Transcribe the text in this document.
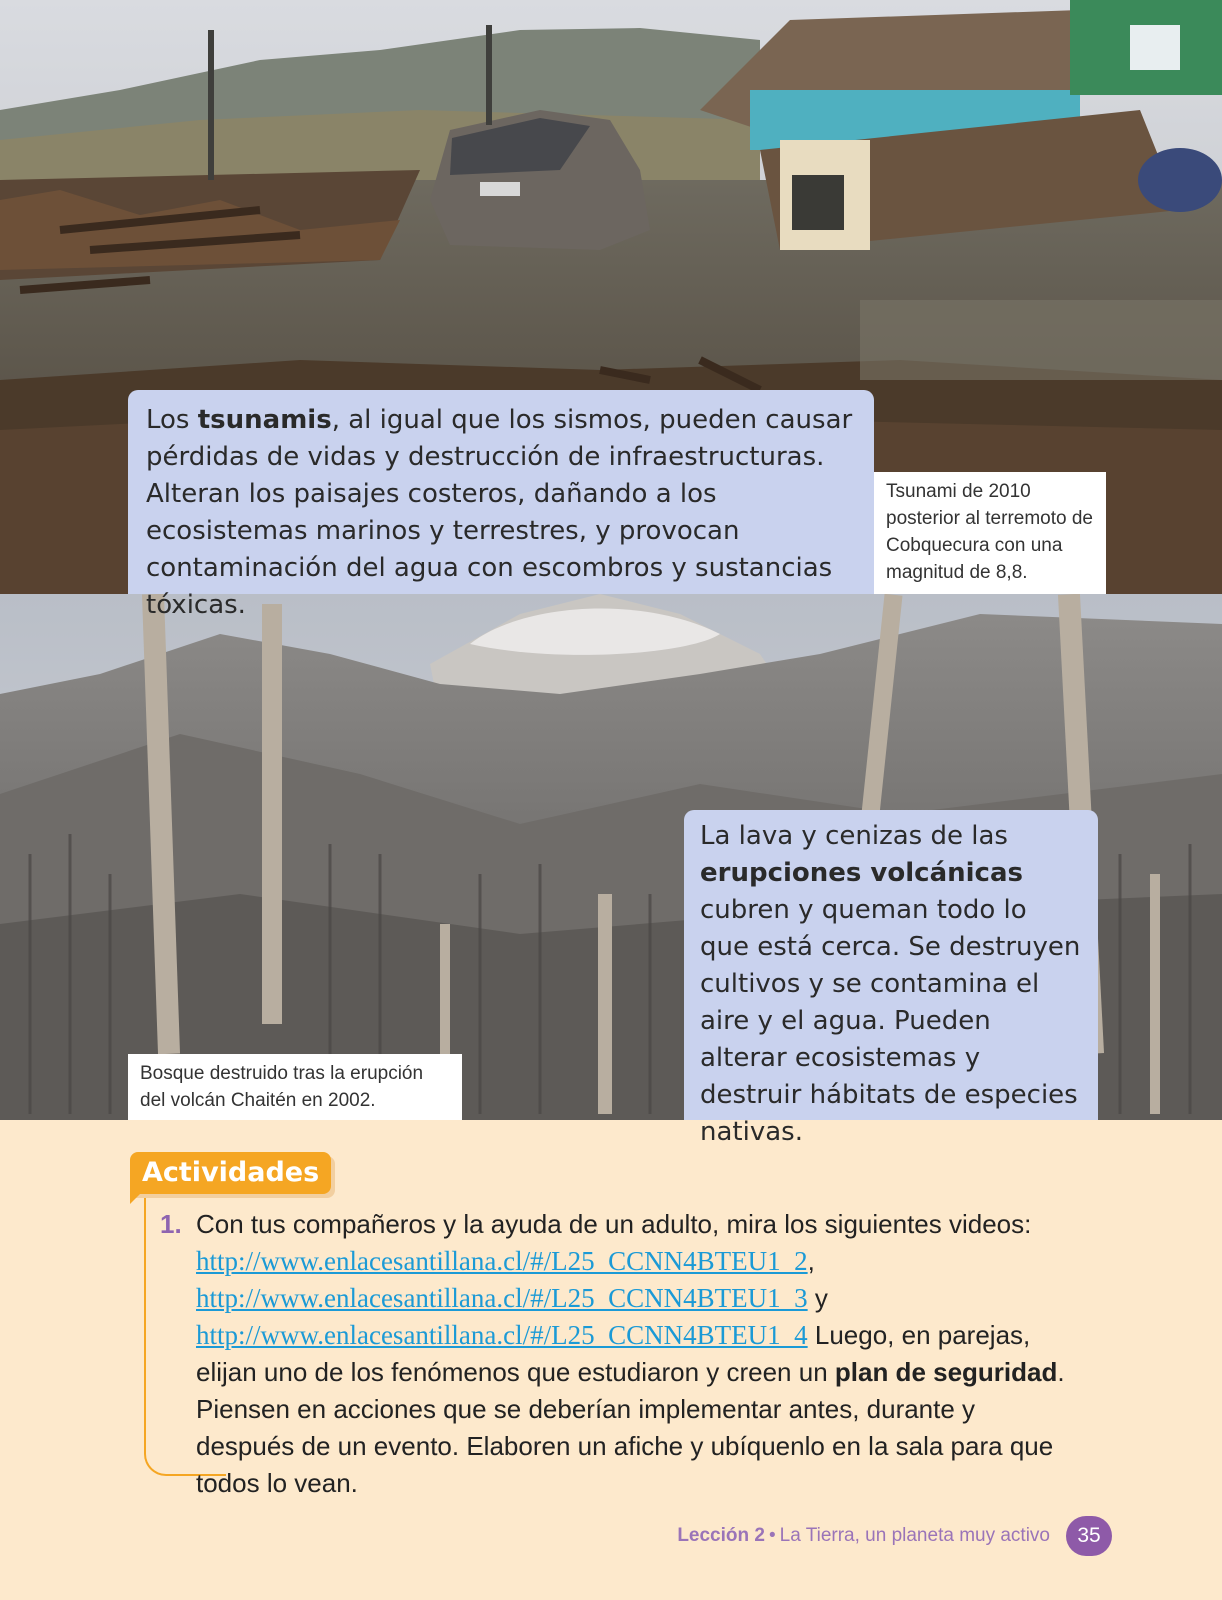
Los tsunamis, al igual que los sismos, pueden causar pérdidas de vidas y destrucción de infraestructuras. Alteran los paisajes costeros, dañando a los ecosistemas marinos y terrestres, y provocan contaminación del agua con escombros y sustancias tóxicas.
Tsunami de 2010 posterior al terremoto de Cobquecura con una magnitud de 8,8.
La lava y cenizas de las erupciones volcánicas cubren y queman todo lo que está cerca. Se destruyen cultivos y se contamina el aire y el agua. Pueden alterar ecosistemas y destruir hábitats de especies nativas.
Bosque destruido tras la erupción del volcán Chaitén en 2002.
Actividades
1. Con tus compañeros y la ayuda de un adulto, mira los siguientes videos:
http://www.enlacesantillana.cl/#/L25_CCNN4BTEU1_2,
http://www.enlacesantillana.cl/#/L25_CCNN4BTEU1_3 y
http://www.enlacesantillana.cl/#/L25_CCNN4BTEU1_4 Luego, en parejas, elijan uno de los fenómenos que estudiaron y creen un plan de seguridad. Piensen en acciones que se deberían implementar antes, durante y después de un evento. Elaboren un afiche y ubíquenlo en la sala para que todos lo vean.
Lección 2 • La Tierra, un planeta muy activo	35
